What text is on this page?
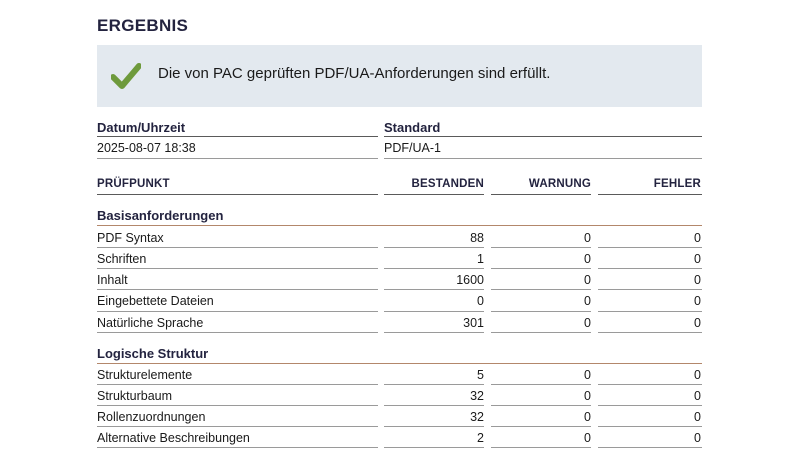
ERGEBNIS
Die von PAC geprüften PDF/UA-Anforderungen sind erfüllt.
Datum/Uhrzeit	Standard
2025-08-07 18:38	PDF/UA-1
PRÜFPUNKT	BESTANDEN	WARNUNG	FEHLER
Basisanforderungen
PDF Syntax	88	0	0
Schriften	1	0	0
Inhalt	1600	0	0
Eingebettete Dateien	0	0	0
Natürliche Sprache	301	0	0
Logische Struktur
Strukturelemente	5	0	0
Strukturbaum	32	0	0
Rollenzuordnungen	32	0	0
Alternative Beschreibungen	2	0	0
